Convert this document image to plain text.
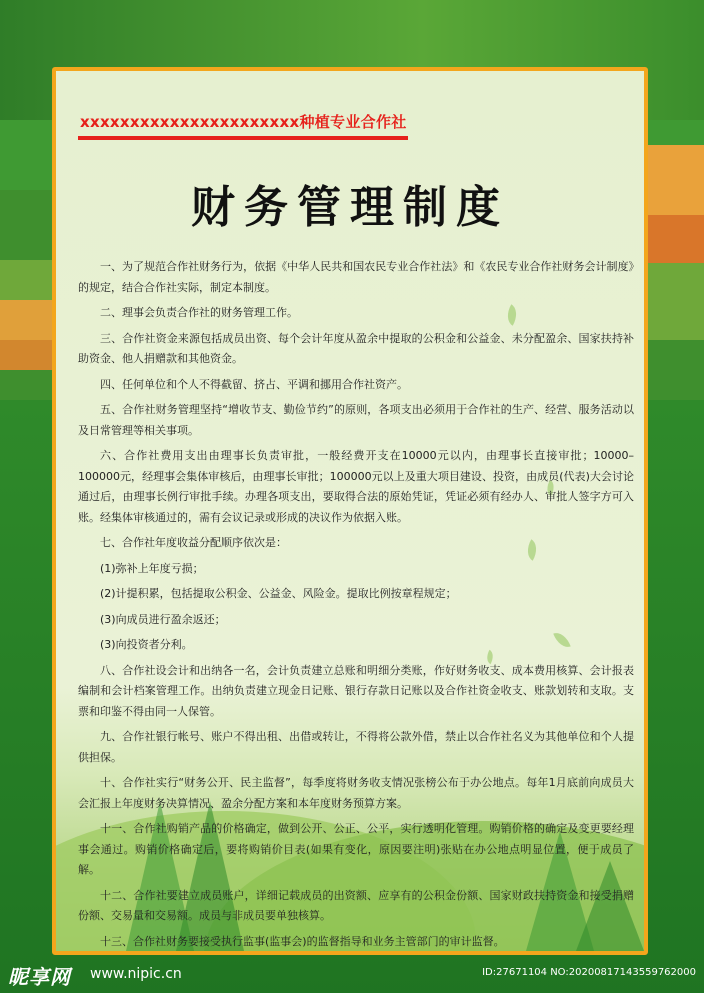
xxxxxxxxxxxxxxxxxxxxxx种植专业合作社

财务管理制度

一、为了规范合作社财务行为，依据《中华人民共和国农民专业合作社法》和《农民专业合作社财务会计制度》的规定，结合合作社实际，制定本制度。

二、理事会负责合作社的财务管理工作。

三、合作社资金来源包括成员出资、每个会计年度从盈余中提取的公积金和公益金、未分配盈余、国家扶持补助资金、他人捐赠款和其他资金。

四、任何单位和个人不得截留、挤占、平调和挪用合作社资产。

五、合作社财务管理坚持“增收节支、勤俭节约”的原则，各项支出必须用于合作社的生产、经营、服务活动以及日常管理等相关事项。

六、合作社费用支出由理事长负责审批，一般经费开支在10000元以内，由理事长直接审批；10000–100000元，经理事会集体审核后，由理事长审批；100000元以上及重大项目建设、投资，由成员(代表)大会讨论通过后，由理事长例行审批手续。办理各项支出，要取得合法的原始凭证，凭证必须有经办人、审批人签字方可入账。经集体审核通过的，需有会议记录或形成的决议作为依据入账。

七、合作社年度收益分配顺序依次是：

(1)弥补上年度亏损；

(2)计提积累，包括提取公积金、公益金、风险金。提取比例按章程规定；

(3)向成员进行盈余返还；

(3)向投资者分利。

八、合作社设会计和出纳各一名，会计负责建立总账和明细分类账，作好财务收支、成本费用核算、会计报表编制和会计档案管理工作。出纳负责建立现金日记账、银行存款日记账以及合作社资金收支、账款划转和支取。支票和印鉴不得由同一人保管。

九、合作社银行帐号、账户不得出租、出借或转让，不得将公款外借，禁止以合作社名义为其他单位和个人提供担保。

十、合作社实行“财务公开、民主监督”，每季度将财务收支情况张榜公布于办公地点。每年1月底前向成员大会汇报上年度财务决算情况、盈余分配方案和本年度财务预算方案。

十一、合作社购销产品的价格确定，做到公开、公正、公平，实行透明化管理。购销价格的确定及变更要经理事会通过。购销价格确定后，要将购销价目表(如果有变化，原因要注明)张贴在办公地点明显位置，便于成员了解。

十二、合作社要建立成员账户，详细记载成员的出资额、应享有的公积金份额、国家财政扶持资金和接受捐赠份额、交易量和交易额。成员与非成员要单独核算。

十三、合作社财务要接受执行监事(监事会)的监督指导和业务主管部门的审计监督。

昵享网 www.nipic.cn	ID:27671104 NO:20200817143559762000
